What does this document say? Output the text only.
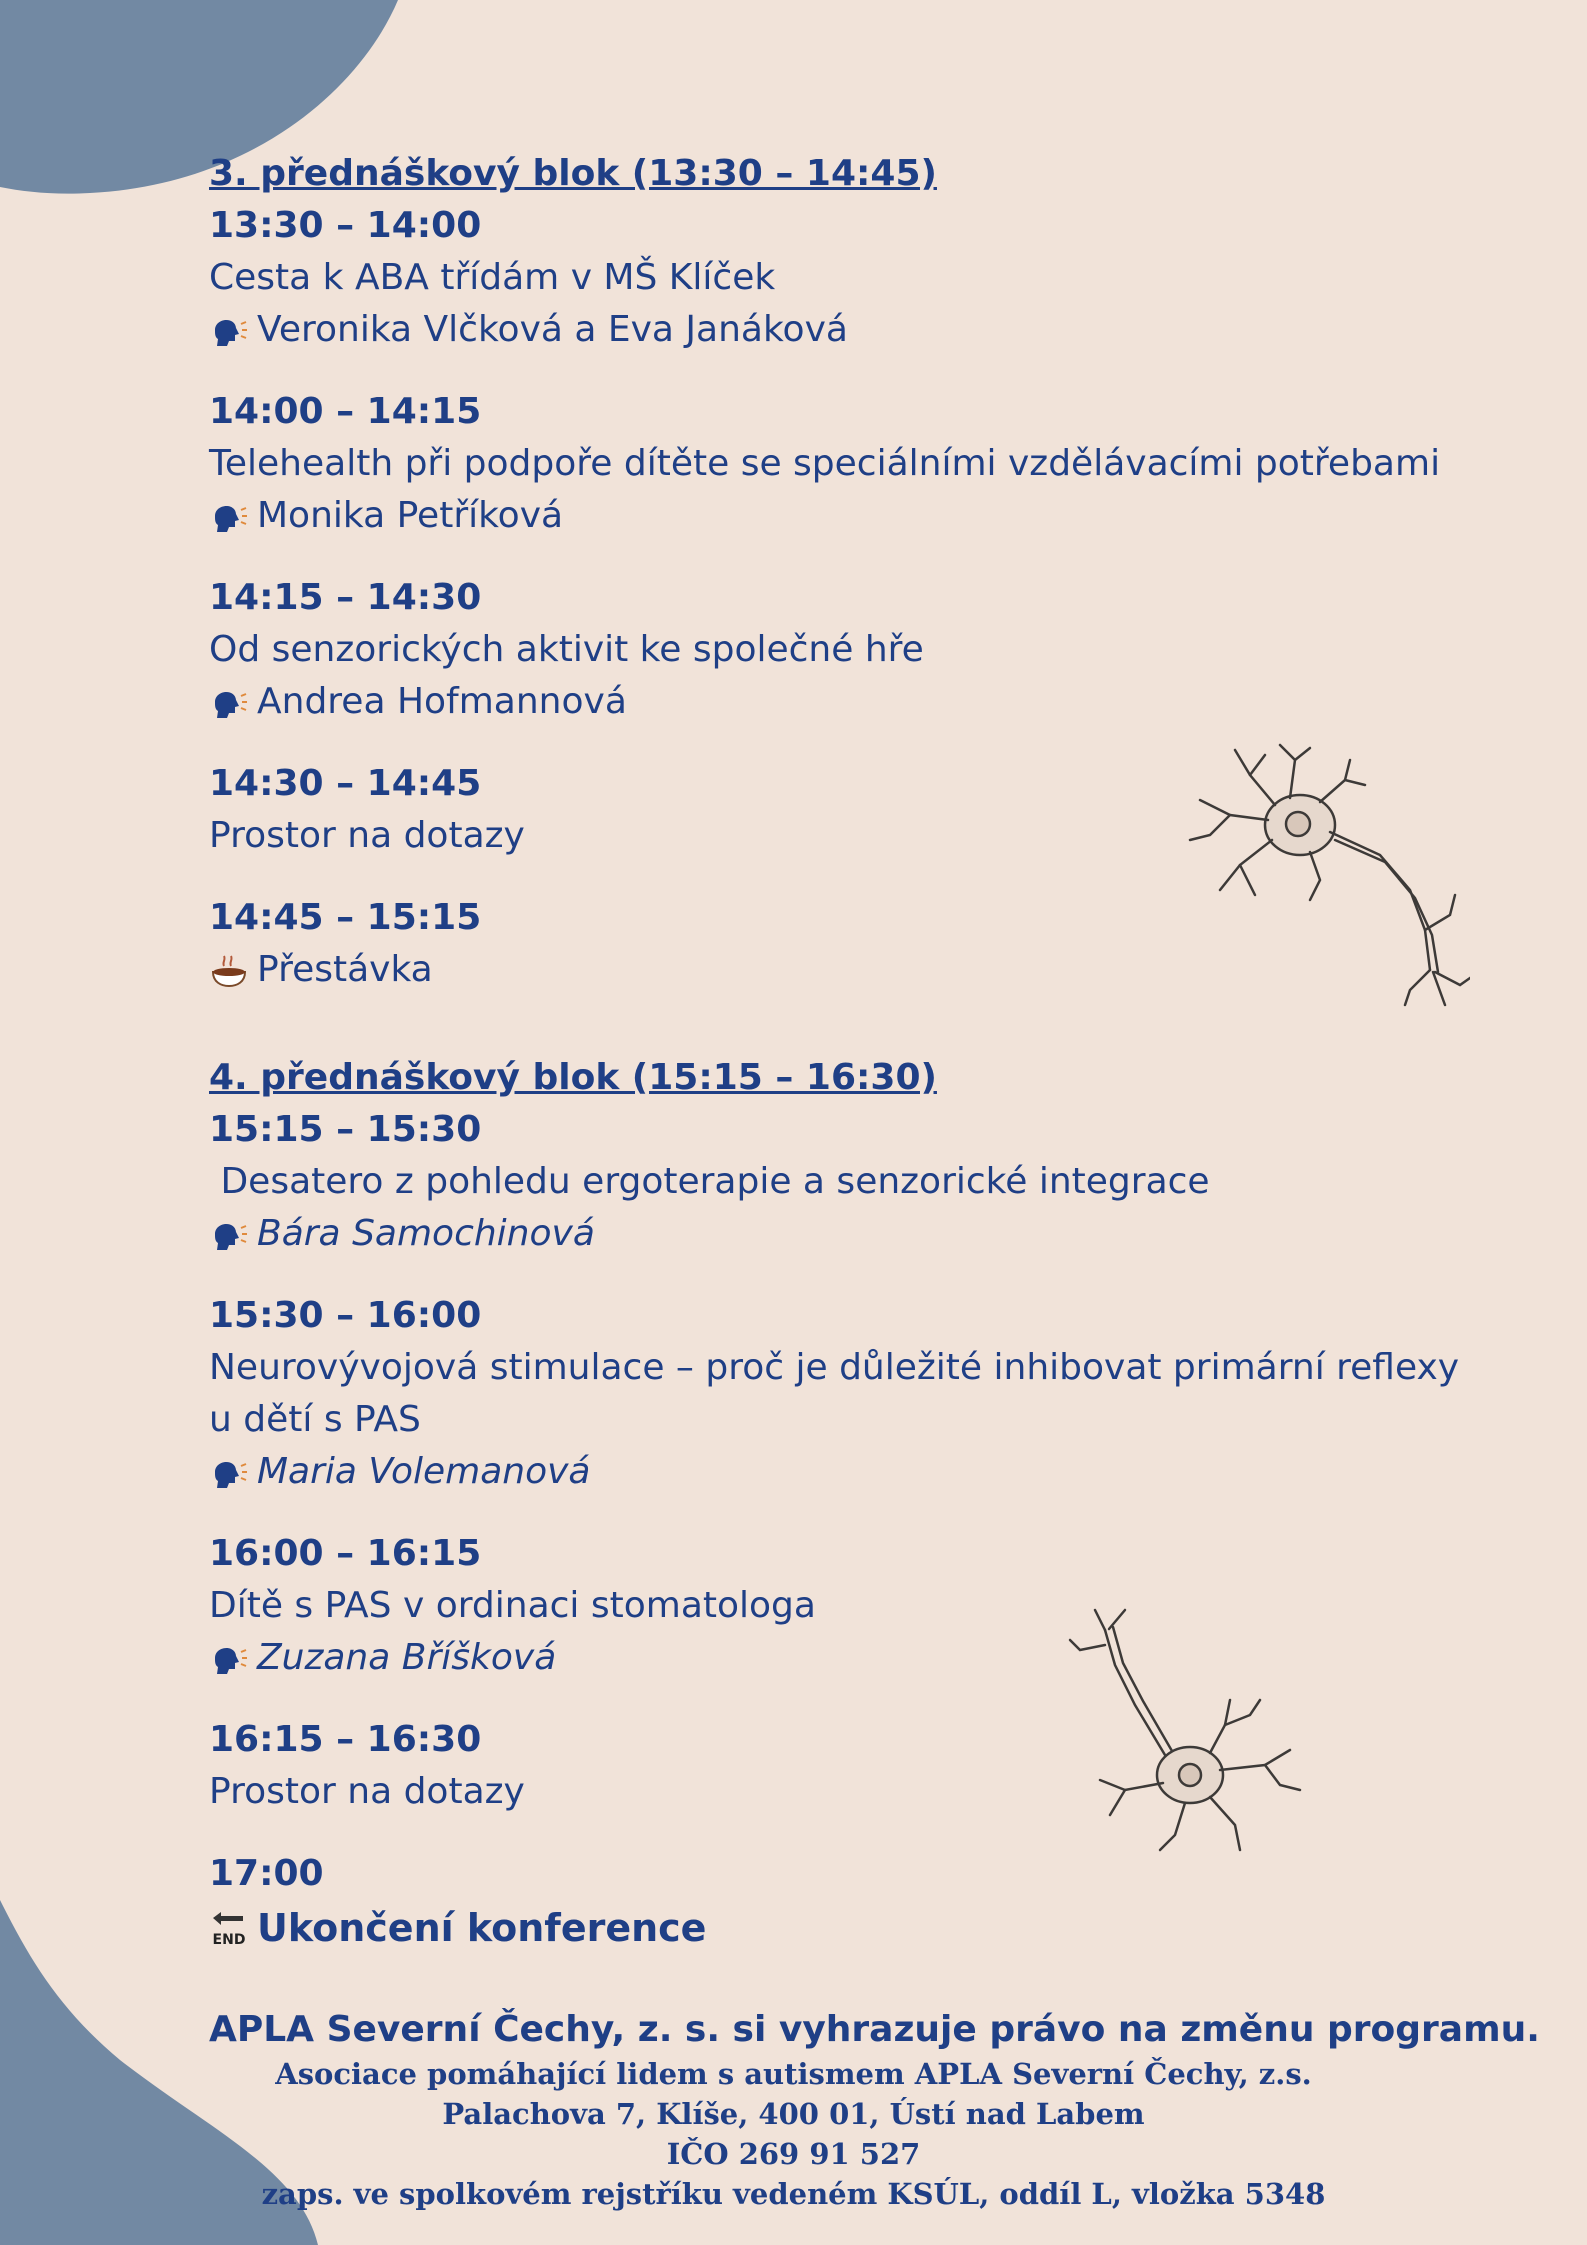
3. přednáškový blok (13:30 – 14:45)
13:30 – 14:00
Cesta k ABA třídám v MŠ Klíček
Veronika Vlčková a Eva Janáková
14:00 – 14:15
Telehealth při podpoře dítěte se speciálními vzdělávacími potřebami
Monika Petříková
14:15 – 14:30
Od senzorických aktivit ke společné hře
Andrea Hofmannová
14:30 – 14:45
Prostor na dotazy
14:45 – 15:15
Přestávka
4. přednáškový blok (15:15 – 16:30)
15:15 – 15:30
Desatero z pohledu ergoterapie a senzorické integrace
Bára Samochinová
15:30 – 16:00
Neurovývojová stimulace – proč je důležité inhibovat primární reflexy
u dětí s PAS
Maria Volemanová
16:00 – 16:15
Dítě s PAS v ordinaci stomatologa
Zuzana Bříšková
16:15 – 16:30
Prostor na dotazy
17:00
END Ukončení konference
APLA Severní Čechy, z. s. si vyhrazuje právo na změnu programu.
Asociace pomáhající lidem s autismem APLA Severní Čechy, z.s.
Palachova 7, Klíše, 400 01, Ústí nad Labem
IČO 269 91 527
zaps. ve spolkovém rejstříku vedeném KSÚL, oddíl L, vložka 5348
